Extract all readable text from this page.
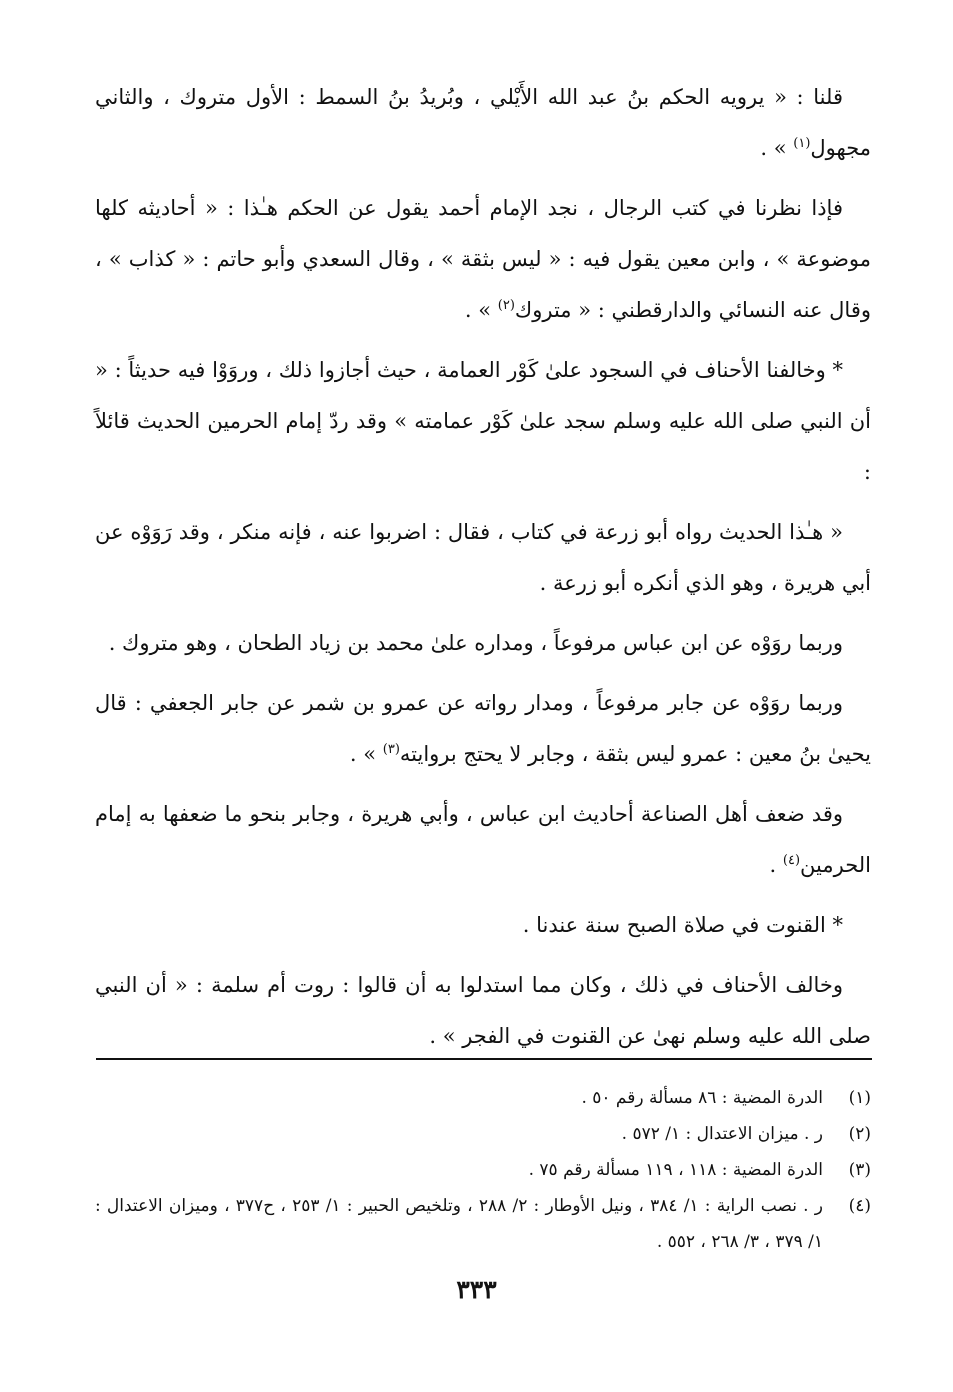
قلنا : « يرويه الحكم بنُ عبد الله الأَيْلي ، وبُريدُ بنُ السمط : الأول متروك ، والثاني مجهول$^{(١)}$ » .

فإذا نظرنا في كتب الرجال ، نجد الإمام أحمد يقول عن الحكم هـٰذا : « أحاديثه كلها موضوعة » ، وابن معين يقول فيه : « ليس بثقة » ، وقال السعدي وأبو حاتم : « كذاب » ، وقال عنه النسائي والدارقطني : « متروك$^{(٢)}$ » .

* وخالفنا الأحناف في السجود علىٰ كَوْر العمامة ، حيث أجازوا ذلك ، وروَوْا فيه حديثاً : « أن النبي صلى الله عليه وسلم سجد علىٰ كَوْر عمامته » وقد ردّ إمام الحرمين الحديث قائلاً :

« هـٰذا الحديث رواه أبو زرعة في كتاب ، فقال : اضربوا عنه ، فإنه منكر ، وقد رَوَوْه عن أبي هريرة ، وهو الذي أنكره أبو زرعة .

وربما روَوْه عن ابن عباس مرفوعاً ، ومداره علىٰ محمد بن زياد الطحان ، وهو متروك .

وربما روَوْه عن جابر مرفوعاً ، ومدار رواته عن عمرو بن شمر عن جابر الجعفي : قال يحيىٰ بنُ معين : عمرو ليس بثقة ، وجابر لا يحتج بروايته$^{(٣)}$ » .

وقد ضعف أهل الصناعة أحاديث ابن عباس ، وأبي هريرة ، وجابر بنحو ما ضعفها به إمام الحرمين$^{(٤)}$ .

* القنوت في صلاة الصبح سنة عندنا .

وخالف الأحناف في ذلك ، وكان مما استدلوا به أن قالوا : روت أم سلمة : « أن النبي صلى الله عليه وسلم نهىٰ عن القنوت في الفجر » .

(١)
الدرة المضية : ٨٦ مسألة رقم ٥٠ .
(٢)
ر . ميزان الاعتدال : ١/ ٥٧٢ .
(٣)
الدرة المضية : ١١٨ ، ١١٩ مسألة رقم ٧٥ .
(٤)
ر . نصب الراية : ١/ ٣٨٤ ، ونيل الأوطار : ٢/ ٢٨٨ ، وتلخيص الحبير : ١/ ٢٥٣ ، ح٣٧٧ ، وميزان الاعتدال : ١/ ٣٧٩ ، ٣/ ٢٦٨ ، ٥٥٢ .
٣٣٣
